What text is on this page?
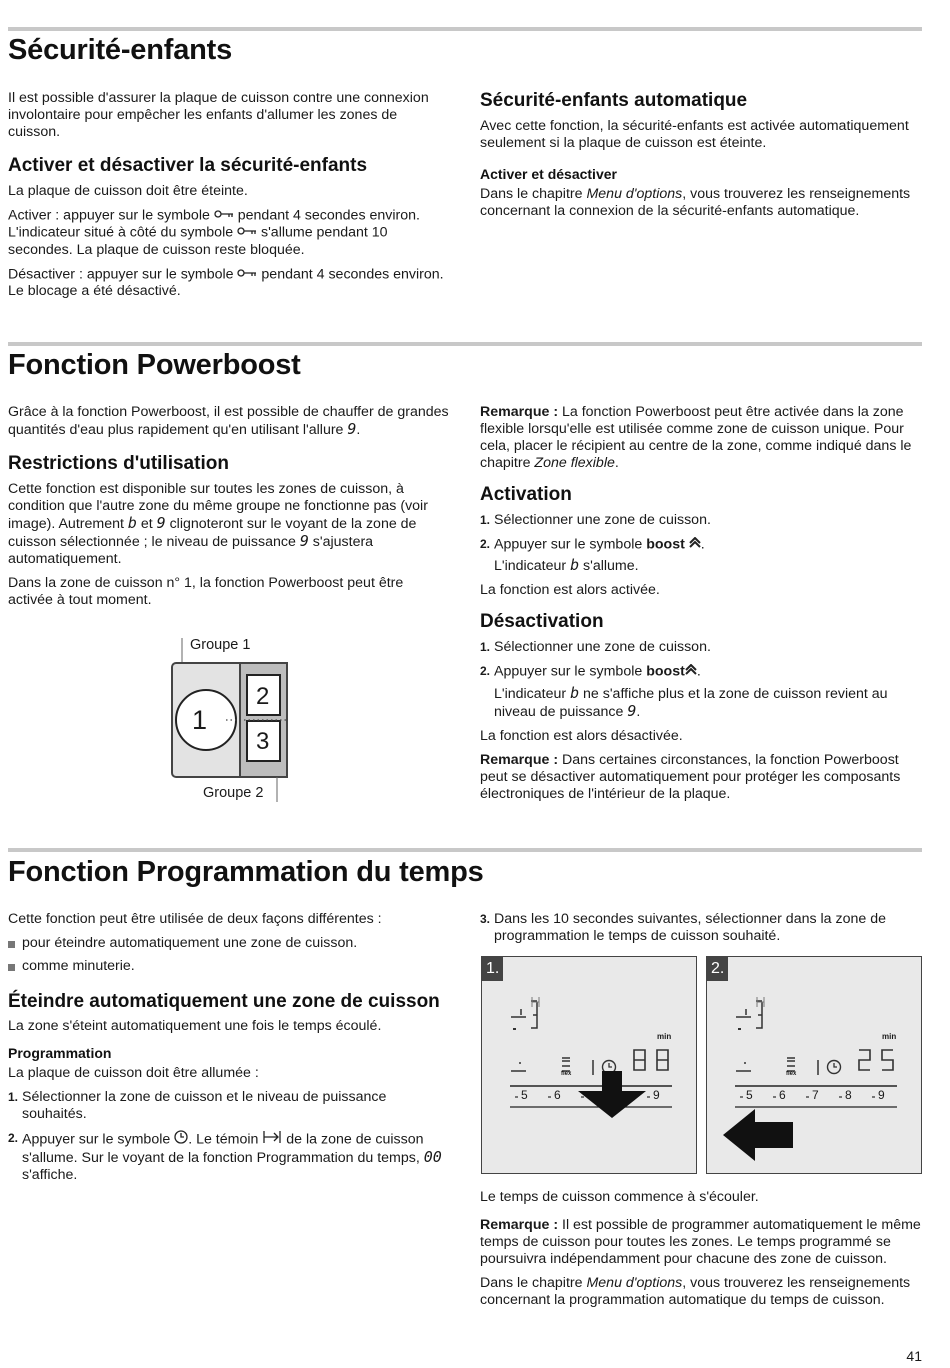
Sécurité-enfants

Il est possible d'assurer la plaque de cuisson contre une connexion involontaire pour empêcher les enfants d'allumer les zones de cuisson.

Activer et désactiver la sécurité-enfants

La plaque de cuisson doit être éteinte.

Activer : appuyer sur le symbole  pendant 4 secondes environ. L'indicateur situé à côté du symbole  s'allume pendant 10 secondes. La plaque de cuisson reste bloquée.

Désactiver : appuyer sur le symbole  pendant 4 secondes environ. Le blocage a été désactivé.

Sécurité-enfants automatique

Avec cette fonction, la sécurité-enfants est activée automatiquement seulement si la plaque de cuisson est éteinte.

Activer et désactiver

Dans le chapitre Menu d'options, vous trouverez les renseignements concernant la connexion de la sécurité-enfants automatique.

Fonction Powerboost

Grâce à la fonction Powerboost, il est possible de chauffer de grandes quantités d'eau plus rapidement qu'en utilisant l'allure 9.

Restrictions d'utilisation

Cette fonction est disponible sur toutes les zones de cuisson, à condition que l'autre zone du même groupe ne fonctionne pas (voir image). Autrement b et 9 clignoteront sur le voyant de la zone de cuisson sélectionnée ; le niveau de puissance 9 s'ajustera automatiquement.

Dans la zone de cuisson n° 1, la fonction Powerboost peut être activée à tout moment.

Groupe 1
1
2
3
Groupe 2

Remarque : La fonction Powerboost peut être activée dans la zone flexible lorsqu'elle est utilisée comme zone de cuisson unique. Pour cela, placer le récipient au centre de la zone, comme indiqué dans le chapitre Zone flexible.

Activation
1. Sélectionner une zone de cuisson.
2. Appuyer sur le symbole boost .
L'indicateur b s'allume.

La fonction est alors activée.

Désactivation
1. Sélectionner une zone de cuisson.
2. Appuyer sur le symbole boost .
L'indicateur b ne s'affiche plus et la zone de cuisson revient au niveau de puissance 9.

La fonction est alors désactivée.

Remarque : Dans certaines circonstances, la fonction Powerboost peut se désactiver automatiquement pour protéger les composants électroniques de l'intérieur de la plaque.

Fonction Programmation du temps

Cette fonction peut être utilisée de deux façons différentes :

pour éteindre automatiquement une zone de cuisson.
comme minuterie.
Éteindre automatiquement une zone de cuisson

La zone s'éteint automatiquement une fois le temps écoulé.

Programmation

La plaque de cuisson doit être allumée :

1. Sélectionner la zone de cuisson et le niveau de puissance souhaités.
2. Appuyer sur le symbole . Le témoin  de la zone de cuisson s'allume. Sur le voyant de la fonction Programmation du temps, 00 s'affiche.
3. Dans les 10 secondes suivantes, sélectionner dans la zone de programmation le temps de cuisson souhaité.
1.
min
flex
5 6	9
2.
min
flex
5 6 7 8 9

Le temps de cuisson commence à s'écouler.

Remarque : Il est possible de programmer automatiquement le même temps de cuisson pour toutes les zones. Le temps programmé se poursuivra indépendamment pour chacune des zone de cuisson.

Dans le chapitre Menu d'options, vous trouverez les renseignements concernant la programmation automatique du temps de cuisson.

41
